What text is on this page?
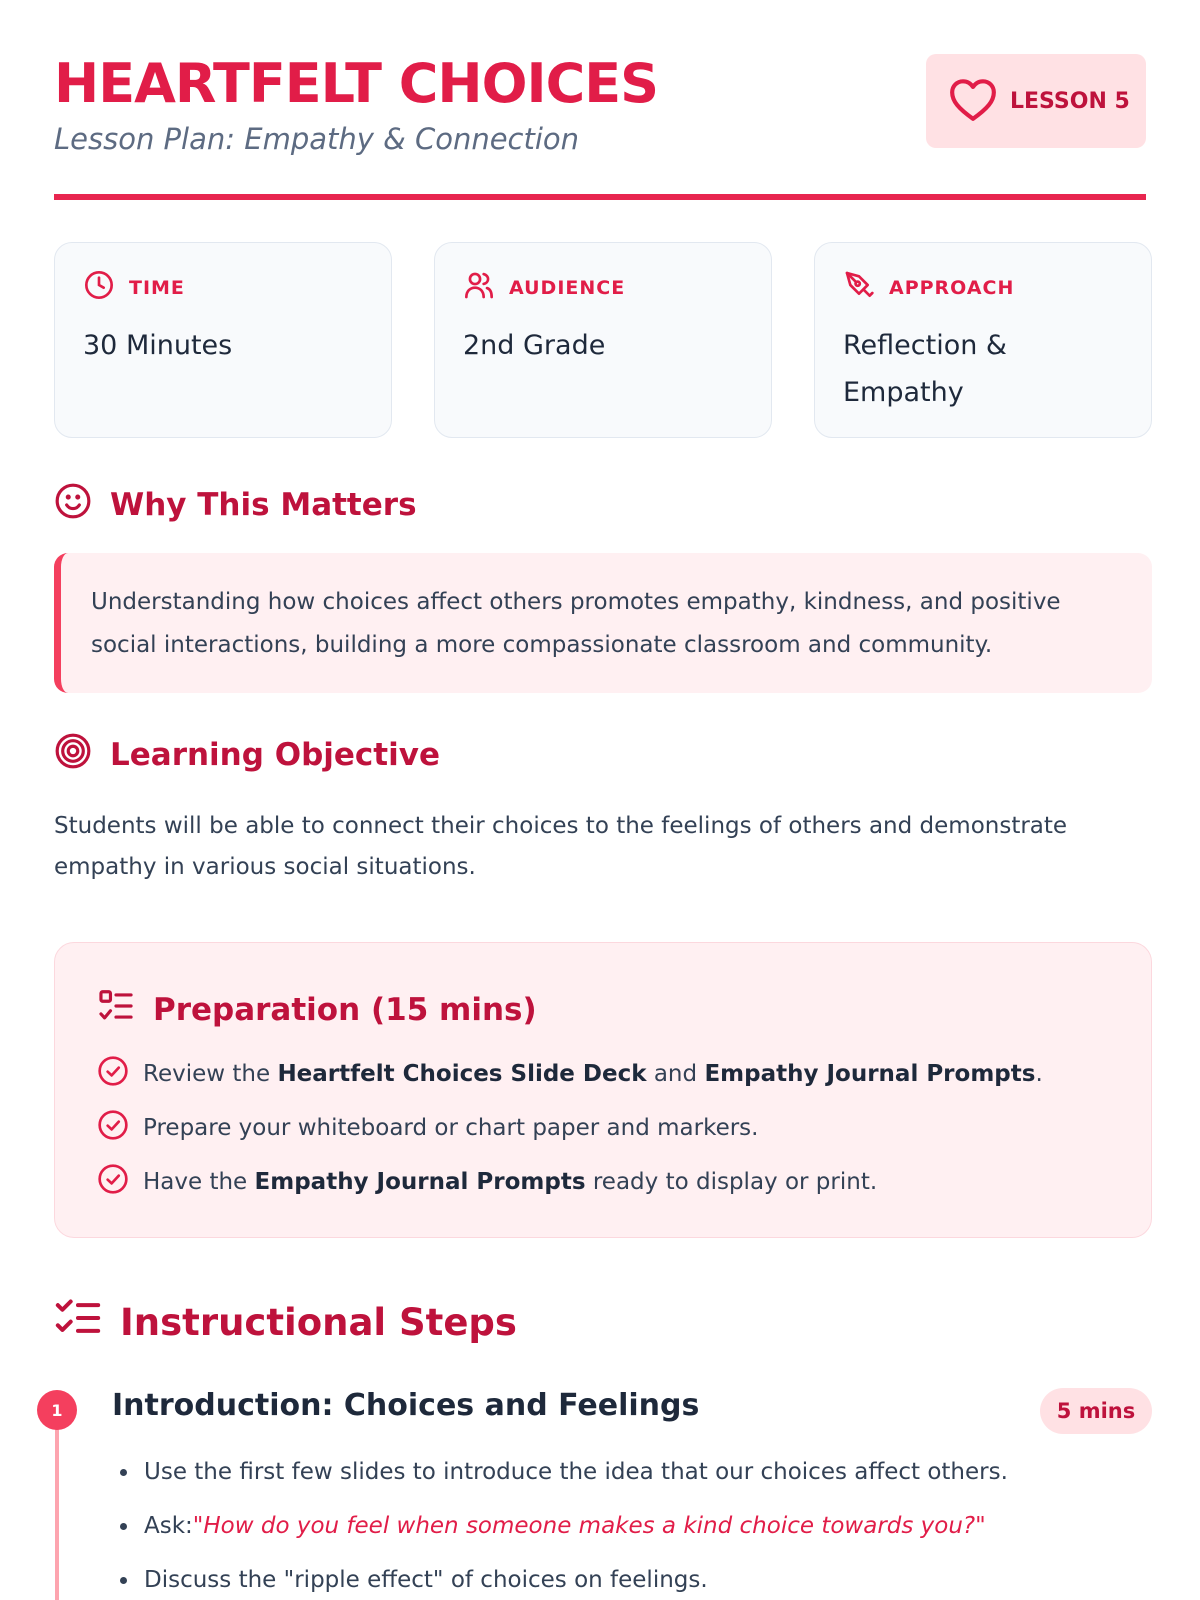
HEARTFELT CHOICES
Lesson Plan: Empathy & Connection
LESSON 5
TIME
30 Minutes
AUDIENCE
2nd Grade
APPROACH
Reflection & Empathy
Why This Matters
Understanding how choices affect others promotes empathy, kindness, and positive social interactions, building a more compassionate classroom and community.
Learning Objective

Students will be able to connect their choices to the feelings of others and demonstrate empathy in various social situations.

Preparation (15 mins)
Review the Heartfelt Choices Slide Deck and Empathy Journal Prompts.
Prepare your whiteboard or chart paper and markers.
Have the Empathy Journal Prompts ready to display or print.
Instructional Steps
1	Introduction: Choices and Feelings	5 mins
Use the first few slides to introduce the idea that our choices affect others.
Ask: "How do you feel when someone makes a kind choice towards you?"
Discuss the "ripple effect" of choices on feelings.
